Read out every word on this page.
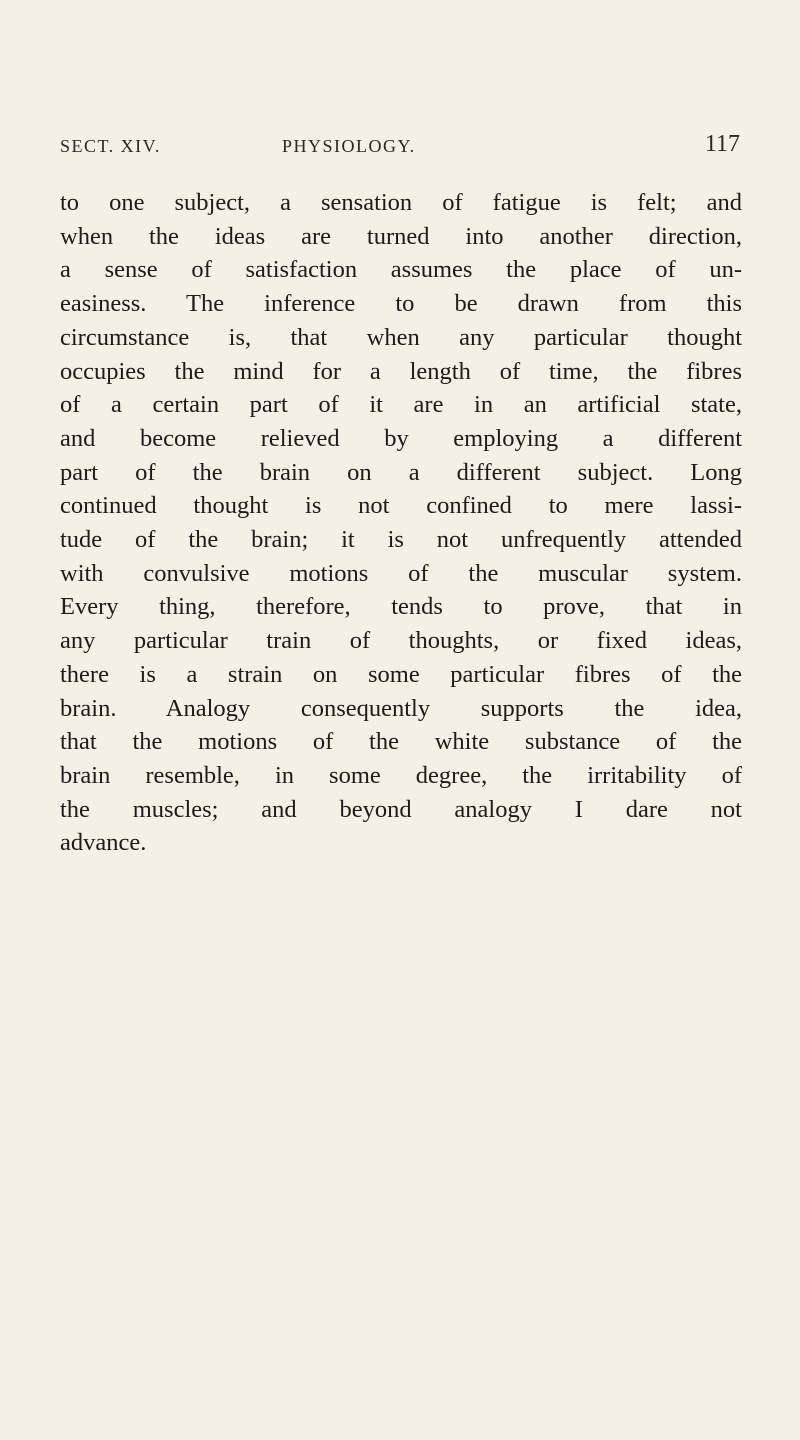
SECT. XIV.	PHYSIOLOGY.	117
to one subject, a sensation of fatigue is felt; and
when the ideas are turned into another direction,
a sense of satisfaction assumes the place of un-
easiness. The inference to be drawn from this
circumstance is, that when any particular thought
occupies the mind for a length of time, the fibres
of a certain part of it are in an artificial state,
and become relieved by employing a different
part of the brain on a different subject. Long
continued thought is not confined to mere lassi-
tude of the brain; it is not unfrequently attended
with convulsive motions of the muscular system.
Every thing, therefore, tends to prove, that in
any particular train of thoughts, or fixed ideas,
there is a strain on some particular fibres of the
brain. Analogy consequently supports the idea,
that the motions of the white substance of the
brain resemble, in some degree, the irritability of
the muscles; and beyond analogy I dare not
advance.
